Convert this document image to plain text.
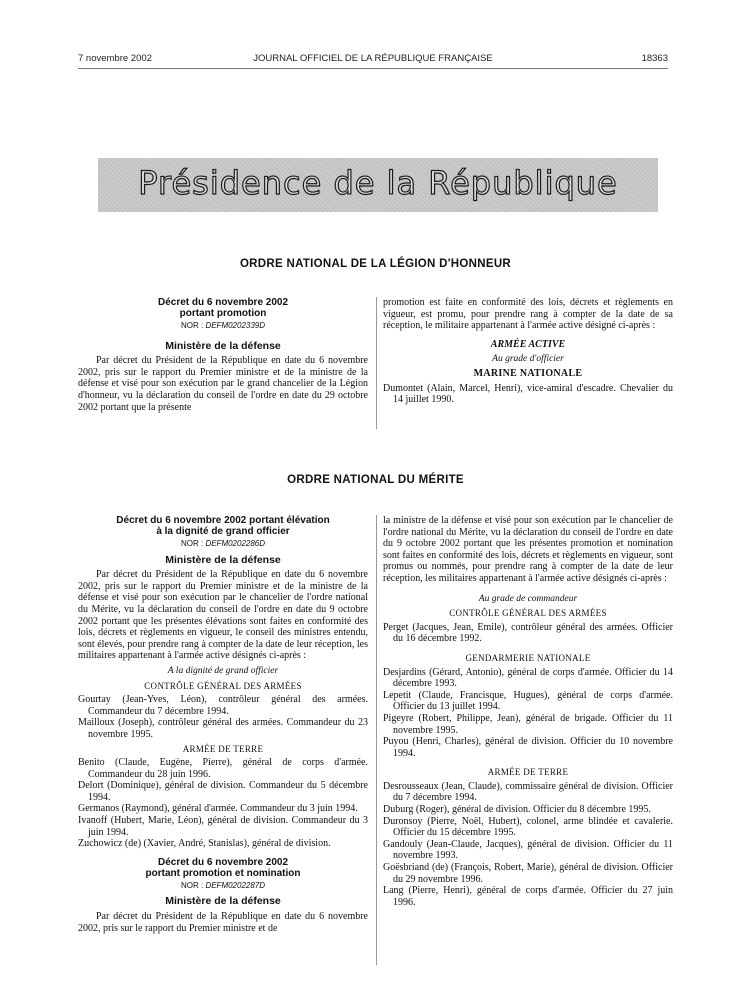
7 novembre 2002	JOURNAL OFFICIEL DE LA RÉPUBLIQUE FRANÇAISE	18363
Présidence de la République
ORDRE NATIONAL DE LA LÉGION D'HONNEUR
Décret du 6 novembre 2002
portant promotion
NOR : DEFM0202339D
Ministère de la défense

Par décret du Président de la République en date du 6 novembre 2002, pris sur le rapport du Premier ministre et de la ministre de la défense et visé pour son exécution par le grand chancelier de la Légion d'honneur, vu la déclaration du conseil de l'ordre en date du 29 octobre 2002 portant que la présente

promotion est faite en conformité des lois, décrets et règlements en vigueur, est promu, pour prendre rang à compter de la date de sa réception, le militaire appartenant à l'armée active désigné ci-après :

ARMÉE ACTIVE
Au grade d'officier
MARINE NATIONALE

Dumontet (Alain, Marcel, Henri), vice-amiral d'escadre. Chevalier du 14 juillet 1990.

ORDRE NATIONAL DU MÉRITE
Décret du 6 novembre 2002 portant élévation
à la dignité de grand officier
NOR : DEFM0202286D
Ministère de la défense

Par décret du Président de la République en date du 6 novembre 2002, pris sur le rapport du Premier ministre et de la ministre de la défense et visé pour son exécution par le chancelier de l'ordre national du Mérite, vu la déclaration du conseil de l'ordre en date du 9 octobre 2002 portant que les présentes élévations sont faites en conformité des lois, décrets et règlements en vigueur, le conseil des ministres entendu, sont élevés, pour prendre rang à compter de la date de leur réception, les militaires appartenant à l'armée active désignés ci-après :

A la dignité de grand officier
CONTRÔLE GÉNÉRAL DES ARMÉES

Gourtay (Jean-Yves, Léon), contrôleur général des armées. Commandeur du 7 décembre 1994.

Mailloux (Joseph), contrôleur général des armées. Commandeur du 23 novembre 1995.

ARMÉE DE TERRE

Benito (Claude, Eugène, Pierre), général de corps d'armée. Commandeur du 28 juin 1996.

Delort (Dominique), général de division. Commandeur du 5 décembre 1994.

Germanos (Raymond), général d'armée. Commandeur du 3 juin 1994.

Ivanoff (Hubert, Marie, Léon), général de division. Commandeur du 3 juin 1994.

Zuchowicz (de) (Xavier, André, Stanislas), général de division.

Décret du 6 novembre 2002
portant promotion et nomination
NOR : DEFM0202287D
Ministère de la défense

Par décret du Président de la République en date du 6 novembre 2002, pris sur le rapport du Premier ministre et de

la ministre de la défense et visé pour son exécution par le chancelier de l'ordre national du Mérite, vu la déclaration du conseil de l'ordre en date du 9 octobre 2002 portant que les présentes promotion et nomination sont faites en conformité des lois, décrets et règlements en vigueur, sont promus ou nommés, pour prendre rang à compter de la date de leur réception, les militaires appartenant à l'armée active désignés ci-après :

Au grade de commandeur
CONTRÔLE GÉNÉRAL DES ARMÉES

Perget (Jacques, Jean, Emile), contrôleur général des armées. Officier du 16 décembre 1992.

GENDARMERIE NATIONALE

Desjardins (Gérard, Antonio), général de corps d'armée. Officier du 14 décembre 1993.

Lepetit (Claude, Francisque, Hugues), général de corps d'armée. Officier du 13 juillet 1994.

Pigeyre (Robert, Philippe, Jean), général de brigade. Officier du 11 novembre 1995.

Puyou (Henri, Charles), général de division. Officier du 10 novembre 1994.

ARMÉE DE TERRE

Desrousseaux (Jean, Claude), commissaire général de division. Officier du 7 décembre 1994.

Duburg (Roger), général de division. Officier du 8 décembre 1995.

Duronsoy (Pierre, Noël, Hubert), colonel, arme blindée et cavalerie. Officier du 15 décembre 1995.

Gandouly (Jean-Claude, Jacques), général de division. Officier du 11 novembre 1993.

Goësbriand (de) (François, Robert, Marie), général de division. Officier du 29 novembre 1996.

Lang (Pierre, Henri), général de corps d'armée. Officier du 27 juin 1996.
